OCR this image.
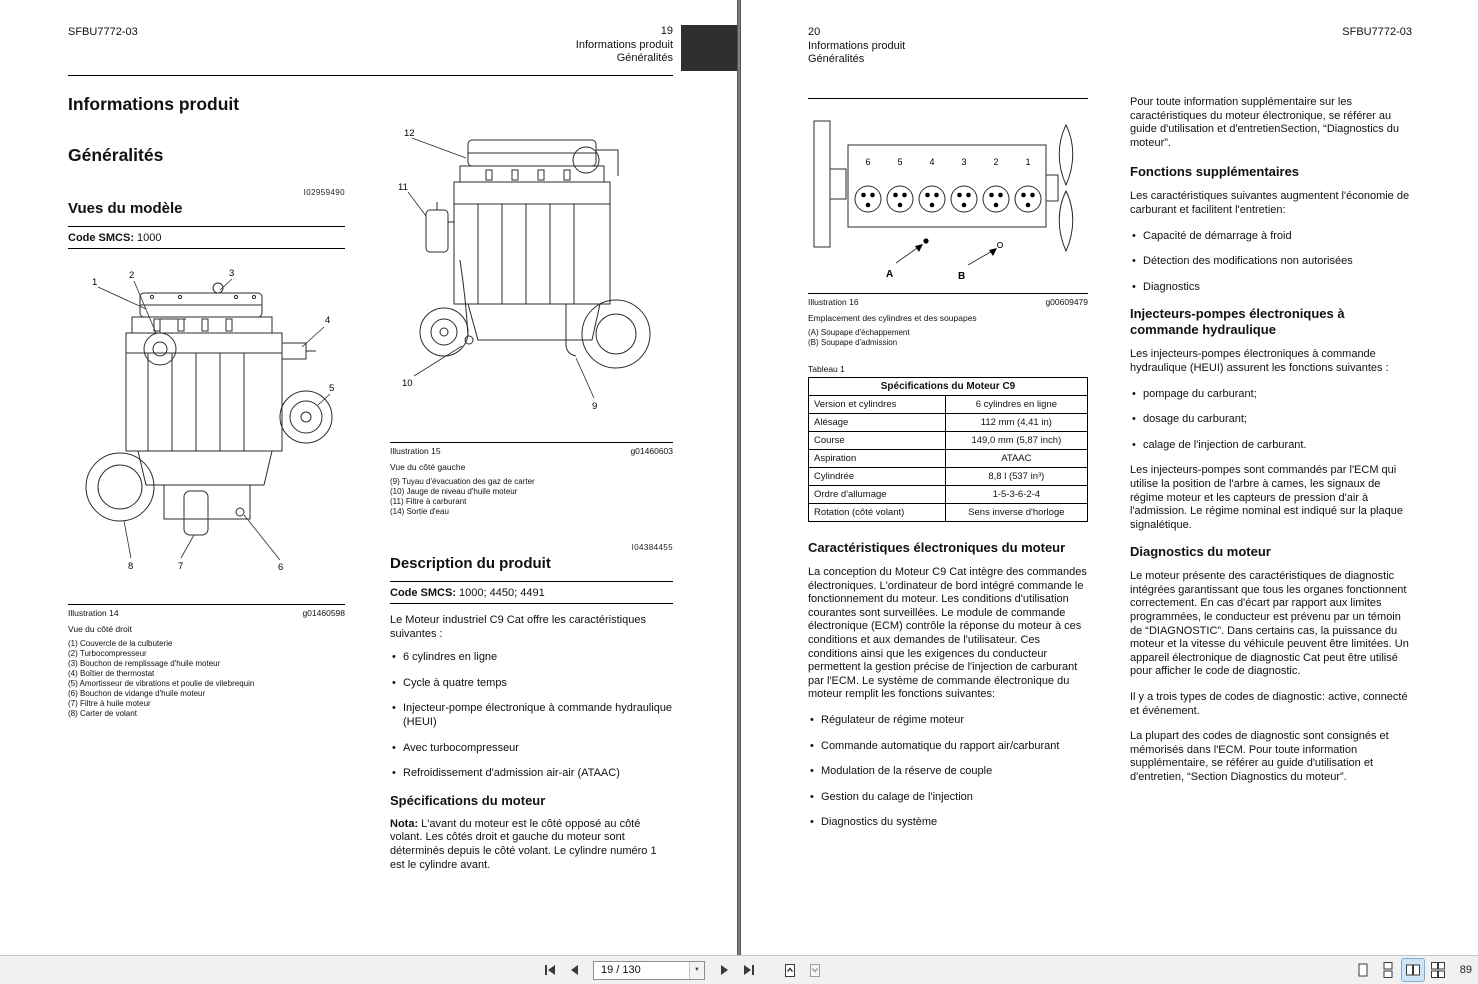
SFBU7772-03	19
Informations produit
Généralités
Informations produit
Généralités
I02959490
Vues du modèle
Code SMCS: 1000
1
2	3
4
5
6
7
8
Illustration 14	g01460598
Vue du côté droit
(1) Couvercle de la culbuterie
(2) Turbocompresseur
(3) Bouchon de remplissage d'huile moteur
(4) Boîtier de thermostat
(5) Amortisseur de vibrations et poulie de vilebrequin
(6) Bouchon de vidange d'huile moteur
(7) Filtre à huile moteur
(8) Carter de volant
12
11
10
9
Illustration 15	g01460603
Vue du côté gauche
(9) Tuyau d'évacuation des gaz de carter
(10) Jauge de niveau d'huile moteur
(11) Filtre à carburant
(14) Sortie d'eau
I04384455
Description du produit
Code SMCS: 1000; 4450; 4491

Le Moteur industriel C9 Cat offre les caractéristiques suivantes :

• 6 cylindres en ligne
• Cycle à quatre temps
• Injecteur-pompe électronique à commande hydraulique (HEUI)
• Avec turbocompresseur
• Refroidissement d'admission air-air (ATAAC)
Spécifications du moteur

Nota: L'avant du moteur est le côté opposé au côté volant. Les côtés droit et gauche du moteur sont déterminés depuis le côté volant. Le cylindre numéro 1 est le cylindre avant.

20
Informations produit
Généralités
SFBU7772-03
6	5	4	3	2	1
A	B
Illustration 16	g00609479
Emplacement des cylindres et des soupapes
(A) Soupape d'échappement
(B) Soupape d'admission
Tableau 1
Spécifications du Moteur C9	
Version et cylindres	6 cylindres en ligne
Alésage	112 mm (4,41 in)
Course	149,0 mm (5,87 inch)
Aspiration	ATAAC
Cylindrée	8,8 l (537 in³)
Ordre d'allumage	1-5-3-6-2-4
Rotation (côté volant)	Sens inverse d'horloge
Caractéristiques électroniques du moteur

La conception du Moteur C9 Cat intègre des commandes électroniques. L'ordinateur de bord intégré commande le fonctionnement du moteur. Les conditions d'utilisation courantes sont surveillées. Le module de commande électronique (ECM) contrôle la réponse du moteur à ces conditions et aux demandes de l'utilisateur. Ces conditions ainsi que les exigences du conducteur permettent la gestion précise de l'injection de carburant par l'ECM. Le système de commande électronique du moteur remplit les fonctions suivantes:

• Régulateur de régime moteur
• Commande automatique du rapport air/carburant
• Modulation de la réserve de couple
• Gestion du calage de l'injection
• Diagnostics du système

Pour toute information supplémentaire sur les caractéristiques du moteur électronique, se référer au guide d'utilisation et d'entretienSection, “Diagnostics du moteur”.

Fonctions supplémentaires

Les caractéristiques suivantes augmentent l'économie de carburant et facilitent l'entretien:

• Capacité de démarrage à froid
• Détection des modifications non autorisées
• Diagnostics
Injecteurs-pompes électroniques à commande hydraulique

Les injecteurs-pompes électroniques à commande hydraulique (HEUI) assurent les fonctions suivantes :

• pompage du carburant;
• dosage du carburant;
• calage de l'injection de carburant.

Les injecteurs-pompes sont commandés par l'ECM qui utilise la position de l'arbre à cames, les signaux de régime moteur et les capteurs de pression d'air à l'admission. Le régime nominal est indiqué sur la plaque signalétique.

Diagnostics du moteur

Le moteur présente des caractéristiques de diagnostic intégrées garantissant que tous les organes fonctionnent correctement. En cas d'écart par rapport aux limites programmées, le conducteur est prévenu par un témoin de “DIAGNOSTIC”. Dans certains cas, la puissance du moteur et la vitesse du véhicule peuvent être limitées. Un appareil électronique de diagnostic Cat peut être utilisé pour afficher le code de diagnostic.

Il y a trois types de codes de diagnostic: active, connecté et événement.

La plupart des codes de diagnostic sont consignés et mémorisés dans l'ECM. Pour toute information supplémentaire, se référer au guide d'utilisation et d'entretien, “Section Diagnostics du moteur”.

19 / 130	▼	89
